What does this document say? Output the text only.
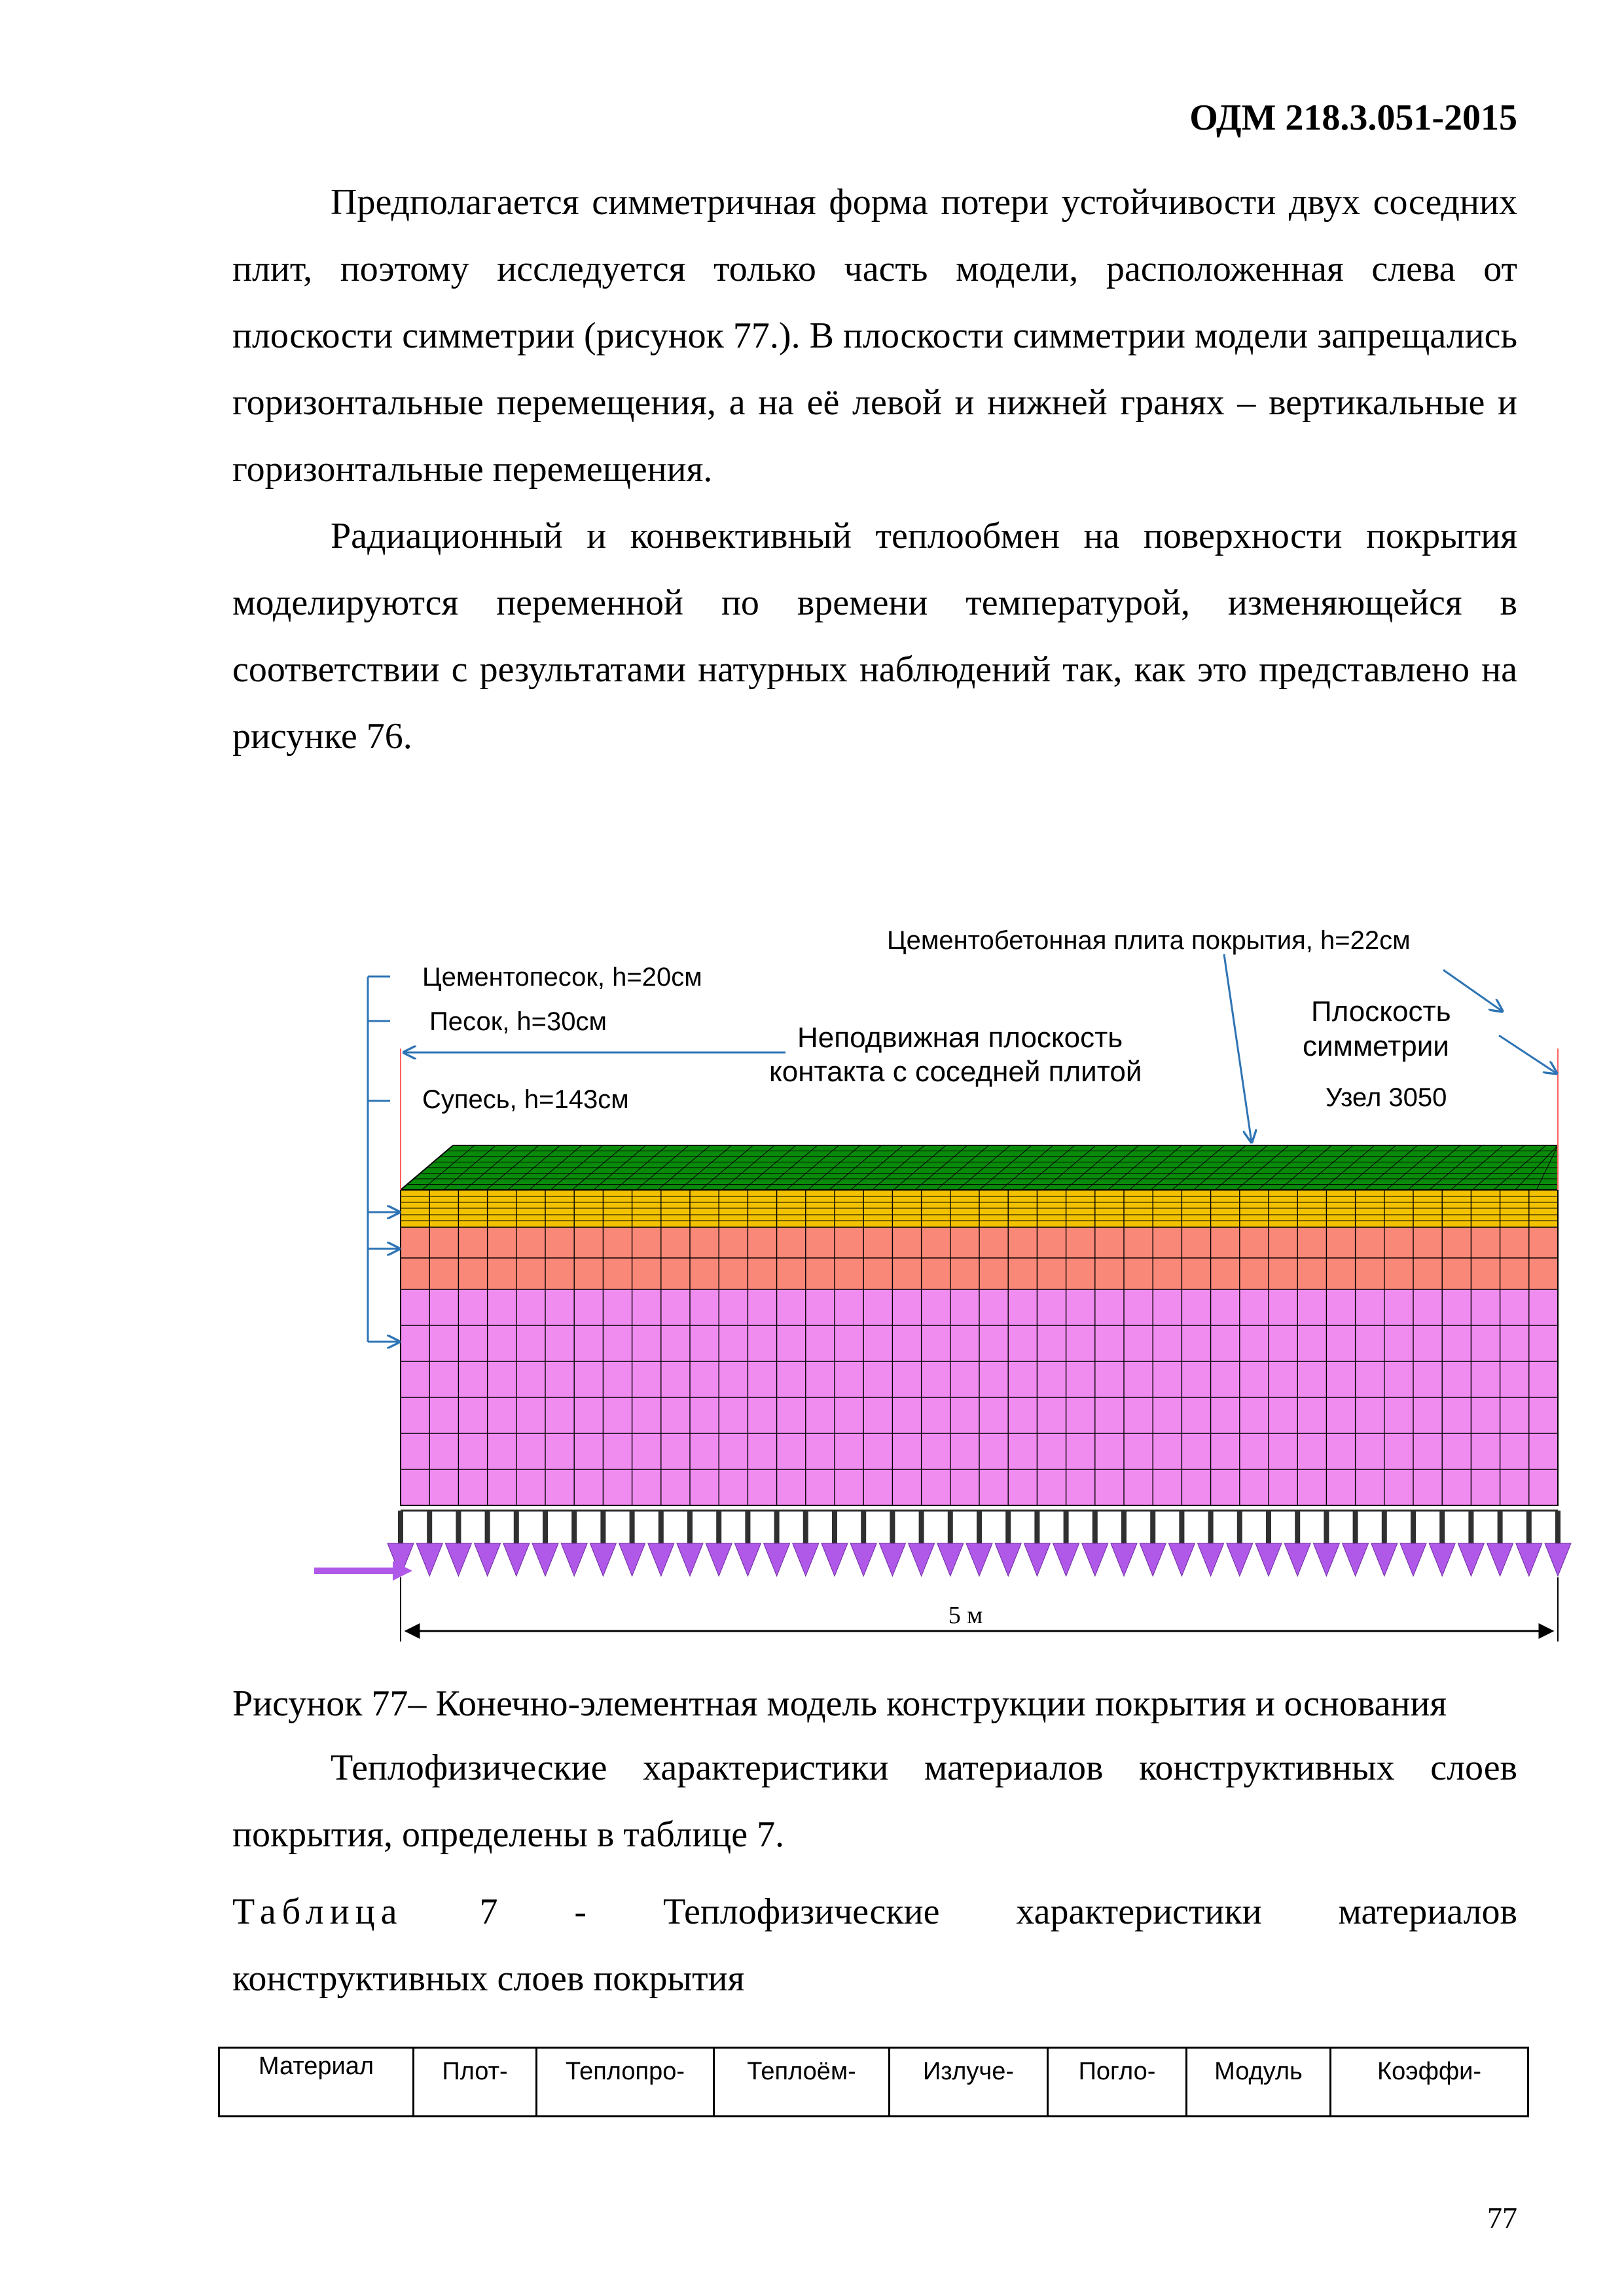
ОДМ 218.3.051-2015

Предполагается симметричная форма потери устойчивости двух соседних плит, поэтому исследуется только часть модели, расположенная слева от плоскости симметрии (рисунок 77.). В плоскости симметрии модели запрещались горизонтальные перемещения, а на её левой и нижней гранях – вертикальные и горизонтальные перемещения.

Радиационный и конвективный теплообмен на поверхности покрытия моделируются переменной по времени температурой, изменяющейся в соответствии с результатами натурных наблюдений так, как это представлено на рисунке 76.

Цементопесок, h=20см
Песок, h=30см
Супесь, h=143см
Цементобетонная плита покрытия, h=22см
Неподвижная плоскость
контакта с соседней плитой
Плоскость
симметрии
Узел 3050
5 м
Рисунок 77– Конечно-элементная модель конструкции покрытия и основания

Теплофизические характеристики материалов конструктивных слоев покрытия, определены в таблице 7.

Таблица 7 - Теплофизические характеристики материалов
конструктивных слоев покрытия
Материал	Плот-	Теплопро-	Теплоём-	Излуче-	Погло-	Модуль	Коэффи-
77
